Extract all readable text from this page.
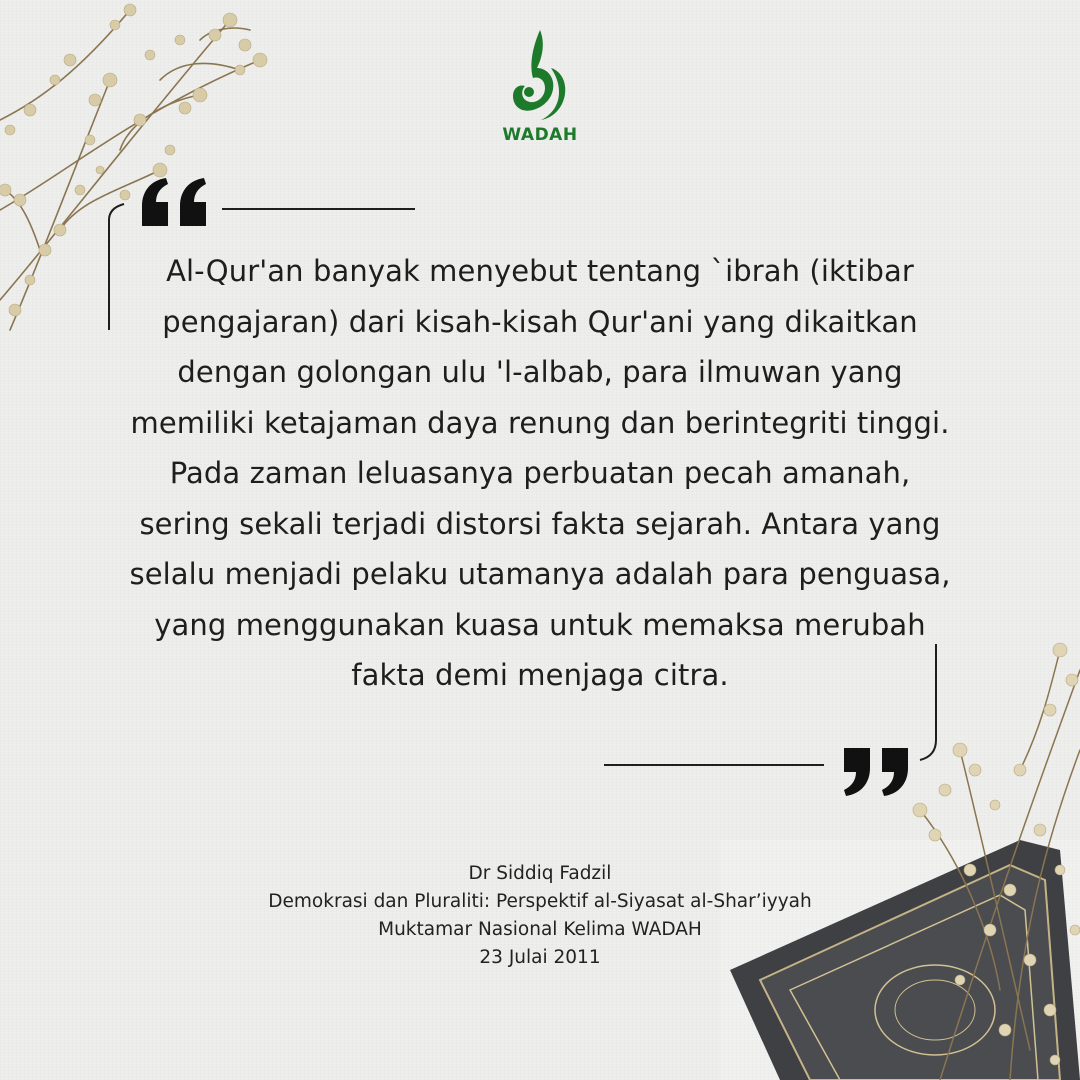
WADAH
Al-Qur'an banyak menyebut tentang `ibrah (iktibar pengajaran) dari kisah-kisah Qur'ani yang dikaitkan dengan golongan ulu 'l-albab, para ilmuwan yang memiliki ketajaman daya renung dan berintegriti tinggi. Pada zaman leluasanya perbuatan pecah amanah, sering sekali terjadi distorsi fakta sejarah. Antara yang selalu menjadi pelaku utamanya adalah para penguasa, yang menggunakan kuasa untuk memaksa merubah fakta demi menjaga citra.
Dr Siddiq Fadzil
Demokrasi dan Pluraliti: Perspektif al-Siyasat al-Shar’iyyah
Muktamar Nasional Kelima WADAH
23 Julai 2011
